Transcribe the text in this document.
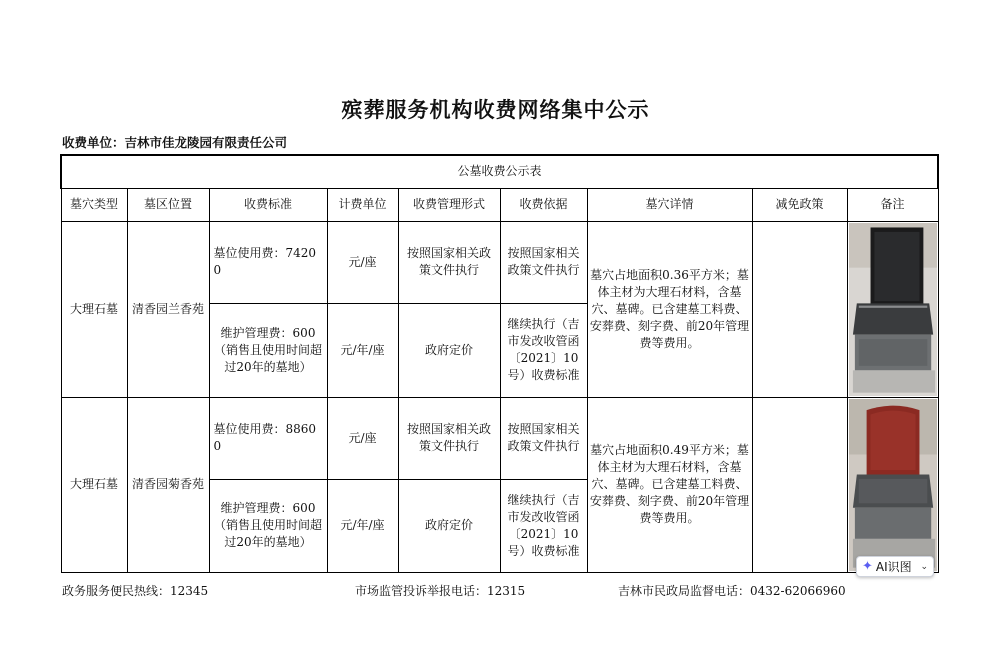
殡葬服务机构收费网络集中公示
收费单位：吉林市佳龙陵园有限责任公司
公墓收费公示表								
墓穴类型	墓区位置	收费标准	计费单位	收费管理形式	收费依据	墓穴详情	减免政策	备注
大理石墓	清香园兰香苑	墓位使用费：74200	元/座	按照国家相关政策文件执行	按照国家相关政策文件执行	墓穴占地面积0.36平方米；墓体主材为大理石材料，含墓穴、墓碑。已含建墓工料费、安葬费、刻字费、前20年管理费等费用。		

		维护管理费：600（销售且使用时间超过20年的墓地）	元/年/座	政府定价	继续执行（吉市发改收管函〔2021〕10号）收费标准			
大理石墓	清香园菊香苑	墓位使用费：88600	元/座	按照国家相关政策文件执行	按照国家相关政策文件执行	墓穴占地面积0.49平方米；墓体主材为大理石材料，含墓穴、墓碑。已含建墓工料费、安葬费、刻字费、前20年管理费等费用。		

		维护管理费：600（销售且使用时间超过20年的墓地）	元/年/座	政府定价	继续执行（吉市发改收管函〔2021〕10号）收费标准			
政务服务便民热线：12345	市场监管投诉举报电话：12315	吉林市民政局监督电话：0432-62066960
✦ AI识图 ⌄
